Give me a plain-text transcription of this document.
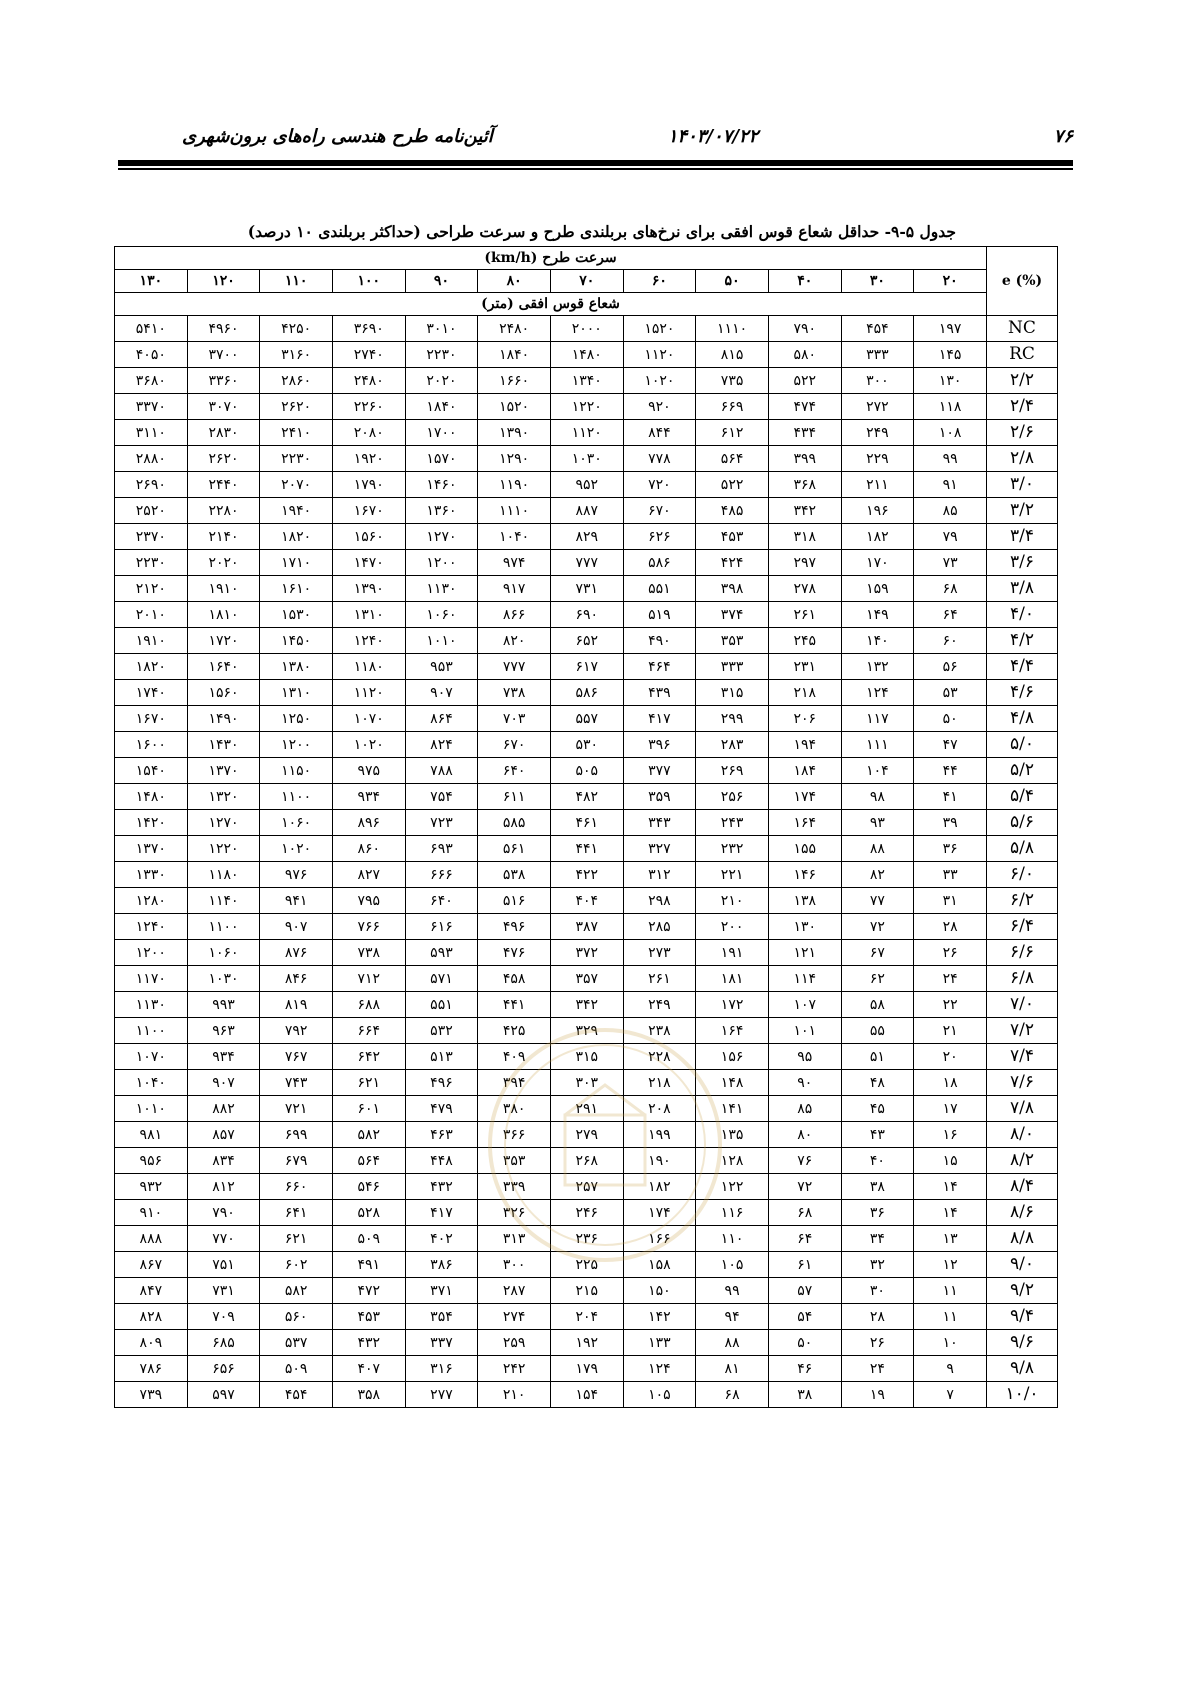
۷۶
۱۴۰۳/۰۷/۲۲
آئین‌نامه طرح هندسی راه‌های برون‌شهری
جدول ۵-۹- حداقل شعاع قوس افقی برای نرخ‌های بربلندی طرح و سرعت طراحی (حداکثر بربلندی ۱۰ درصد)
سرعت طرح (km/h)												e (%)
۱۳۰	۱۲۰	۱۱۰	۱۰۰	۹۰	۸۰	۷۰	۶۰	۵۰	۴۰	۳۰	۲۰	
شعاع قوس افقی (متر)												
۵۴۱۰	۴۹۶۰	۴۲۵۰	۳۶۹۰	۳۰۱۰	۲۴۸۰	۲۰۰۰	۱۵۲۰	۱۱۱۰	۷۹۰	۴۵۴	۱۹۷	NC
۴۰۵۰	۳۷۰۰	۳۱۶۰	۲۷۴۰	۲۲۳۰	۱۸۴۰	۱۴۸۰	۱۱۲۰	۸۱۵	۵۸۰	۳۳۳	۱۴۵	RC
۳۶۸۰	۳۳۶۰	۲۸۶۰	۲۴۸۰	۲۰۲۰	۱۶۶۰	۱۳۴۰	۱۰۲۰	۷۳۵	۵۲۲	۳۰۰	۱۳۰	۲/۲
۳۳۷۰	۳۰۷۰	۲۶۲۰	۲۲۶۰	۱۸۴۰	۱۵۲۰	۱۲۲۰	۹۲۰	۶۶۹	۴۷۴	۲۷۲	۱۱۸	۲/۴
۳۱۱۰	۲۸۳۰	۲۴۱۰	۲۰۸۰	۱۷۰۰	۱۳۹۰	۱۱۲۰	۸۴۴	۶۱۲	۴۳۴	۲۴۹	۱۰۸	۲/۶
۲۸۸۰	۲۶۲۰	۲۲۳۰	۱۹۲۰	۱۵۷۰	۱۲۹۰	۱۰۳۰	۷۷۸	۵۶۴	۳۹۹	۲۲۹	۹۹	۲/۸
۲۶۹۰	۲۴۴۰	۲۰۷۰	۱۷۹۰	۱۴۶۰	۱۱۹۰	۹۵۲	۷۲۰	۵۲۲	۳۶۸	۲۱۱	۹۱	۳/۰
۲۵۲۰	۲۲۸۰	۱۹۴۰	۱۶۷۰	۱۳۶۰	۱۱۱۰	۸۸۷	۶۷۰	۴۸۵	۳۴۲	۱۹۶	۸۵	۳/۲
۲۳۷۰	۲۱۴۰	۱۸۲۰	۱۵۶۰	۱۲۷۰	۱۰۴۰	۸۲۹	۶۲۶	۴۵۳	۳۱۸	۱۸۲	۷۹	۳/۴
۲۲۳۰	۲۰۲۰	۱۷۱۰	۱۴۷۰	۱۲۰۰	۹۷۴	۷۷۷	۵۸۶	۴۲۴	۲۹۷	۱۷۰	۷۳	۳/۶
۲۱۲۰	۱۹۱۰	۱۶۱۰	۱۳۹۰	۱۱۳۰	۹۱۷	۷۳۱	۵۵۱	۳۹۸	۲۷۸	۱۵۹	۶۸	۳/۸
۲۰۱۰	۱۸۱۰	۱۵۳۰	۱۳۱۰	۱۰۶۰	۸۶۶	۶۹۰	۵۱۹	۳۷۴	۲۶۱	۱۴۹	۶۴	۴/۰
۱۹۱۰	۱۷۲۰	۱۴۵۰	۱۲۴۰	۱۰۱۰	۸۲۰	۶۵۲	۴۹۰	۳۵۳	۲۴۵	۱۴۰	۶۰	۴/۲
۱۸۲۰	۱۶۴۰	۱۳۸۰	۱۱۸۰	۹۵۳	۷۷۷	۶۱۷	۴۶۴	۳۳۳	۲۳۱	۱۳۲	۵۶	۴/۴
۱۷۴۰	۱۵۶۰	۱۳۱۰	۱۱۲۰	۹۰۷	۷۳۸	۵۸۶	۴۳۹	۳۱۵	۲۱۸	۱۲۴	۵۳	۴/۶
۱۶۷۰	۱۴۹۰	۱۲۵۰	۱۰۷۰	۸۶۴	۷۰۳	۵۵۷	۴۱۷	۲۹۹	۲۰۶	۱۱۷	۵۰	۴/۸
۱۶۰۰	۱۴۳۰	۱۲۰۰	۱۰۲۰	۸۲۴	۶۷۰	۵۳۰	۳۹۶	۲۸۳	۱۹۴	۱۱۱	۴۷	۵/۰
۱۵۴۰	۱۳۷۰	۱۱۵۰	۹۷۵	۷۸۸	۶۴۰	۵۰۵	۳۷۷	۲۶۹	۱۸۴	۱۰۴	۴۴	۵/۲
۱۴۸۰	۱۳۲۰	۱۱۰۰	۹۳۴	۷۵۴	۶۱۱	۴۸۲	۳۵۹	۲۵۶	۱۷۴	۹۸	۴۱	۵/۴
۱۴۲۰	۱۲۷۰	۱۰۶۰	۸۹۶	۷۲۳	۵۸۵	۴۶۱	۳۴۳	۲۴۳	۱۶۴	۹۳	۳۹	۵/۶
۱۳۷۰	۱۲۲۰	۱۰۲۰	۸۶۰	۶۹۳	۵۶۱	۴۴۱	۳۲۷	۲۳۲	۱۵۵	۸۸	۳۶	۵/۸
۱۳۳۰	۱۱۸۰	۹۷۶	۸۲۷	۶۶۶	۵۳۸	۴۲۲	۳۱۲	۲۲۱	۱۴۶	۸۲	۳۳	۶/۰
۱۲۸۰	۱۱۴۰	۹۴۱	۷۹۵	۶۴۰	۵۱۶	۴۰۴	۲۹۸	۲۱۰	۱۳۸	۷۷	۳۱	۶/۲
۱۲۴۰	۱۱۰۰	۹۰۷	۷۶۶	۶۱۶	۴۹۶	۳۸۷	۲۸۵	۲۰۰	۱۳۰	۷۲	۲۸	۶/۴
۱۲۰۰	۱۰۶۰	۸۷۶	۷۳۸	۵۹۳	۴۷۶	۳۷۲	۲۷۳	۱۹۱	۱۲۱	۶۷	۲۶	۶/۶
۱۱۷۰	۱۰۳۰	۸۴۶	۷۱۲	۵۷۱	۴۵۸	۳۵۷	۲۶۱	۱۸۱	۱۱۴	۶۲	۲۴	۶/۸
۱۱۳۰	۹۹۳	۸۱۹	۶۸۸	۵۵۱	۴۴۱	۳۴۲	۲۴۹	۱۷۲	۱۰۷	۵۸	۲۲	۷/۰
۱۱۰۰	۹۶۳	۷۹۲	۶۶۴	۵۳۲	۴۲۵	۳۲۹	۲۳۸	۱۶۴	۱۰۱	۵۵	۲۱	۷/۲
۱۰۷۰	۹۳۴	۷۶۷	۶۴۲	۵۱۳	۴۰۹	۳۱۵	۲۲۸	۱۵۶	۹۵	۵۱	۲۰	۷/۴
۱۰۴۰	۹۰۷	۷۴۳	۶۲۱	۴۹۶	۳۹۴	۳۰۳	۲۱۸	۱۴۸	۹۰	۴۸	۱۸	۷/۶
۱۰۱۰	۸۸۲	۷۲۱	۶۰۱	۴۷۹	۳۸۰	۲۹۱	۲۰۸	۱۴۱	۸۵	۴۵	۱۷	۷/۸
۹۸۱	۸۵۷	۶۹۹	۵۸۲	۴۶۳	۳۶۶	۲۷۹	۱۹۹	۱۳۵	۸۰	۴۳	۱۶	۸/۰
۹۵۶	۸۳۴	۶۷۹	۵۶۴	۴۴۸	۳۵۳	۲۶۸	۱۹۰	۱۲۸	۷۶	۴۰	۱۵	۸/۲
۹۳۲	۸۱۲	۶۶۰	۵۴۶	۴۳۲	۳۳۹	۲۵۷	۱۸۲	۱۲۲	۷۲	۳۸	۱۴	۸/۴
۹۱۰	۷۹۰	۶۴۱	۵۲۸	۴۱۷	۳۲۶	۲۴۶	۱۷۴	۱۱۶	۶۸	۳۶	۱۴	۸/۶
۸۸۸	۷۷۰	۶۲۱	۵۰۹	۴۰۲	۳۱۳	۲۳۶	۱۶۶	۱۱۰	۶۴	۳۴	۱۳	۸/۸
۸۶۷	۷۵۱	۶۰۲	۴۹۱	۳۸۶	۳۰۰	۲۲۵	۱۵۸	۱۰۵	۶۱	۳۲	۱۲	۹/۰
۸۴۷	۷۳۱	۵۸۲	۴۷۲	۳۷۱	۲۸۷	۲۱۵	۱۵۰	۹۹	۵۷	۳۰	۱۱	۹/۲
۸۲۸	۷۰۹	۵۶۰	۴۵۳	۳۵۴	۲۷۴	۲۰۴	۱۴۲	۹۴	۵۴	۲۸	۱۱	۹/۴
۸۰۹	۶۸۵	۵۳۷	۴۳۲	۳۳۷	۲۵۹	۱۹۲	۱۳۳	۸۸	۵۰	۲۶	۱۰	۹/۶
۷۸۶	۶۵۶	۵۰۹	۴۰۷	۳۱۶	۲۴۲	۱۷۹	۱۲۴	۸۱	۴۶	۲۴	۹	۹/۸
۷۳۹	۵۹۷	۴۵۴	۳۵۸	۲۷۷	۲۱۰	۱۵۴	۱۰۵	۶۸	۳۸	۱۹	۷	۱۰/۰
